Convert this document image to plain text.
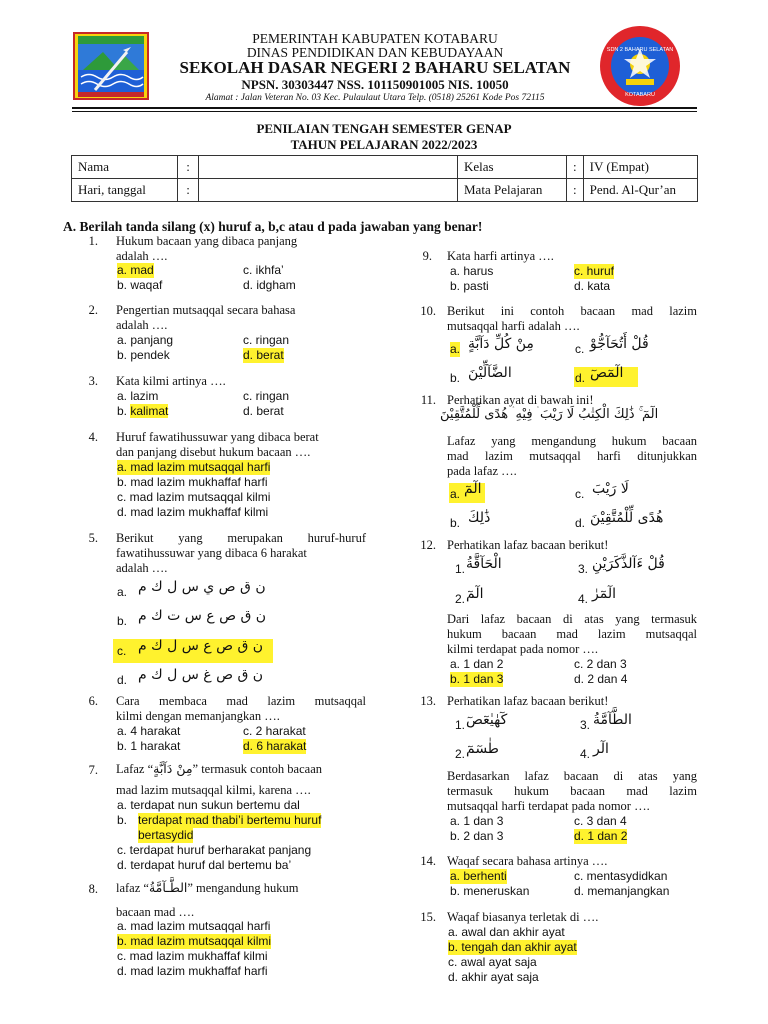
PEMERINTAH KABUPATEN KOTABARU
DINAS PENDIDIKAN DAN KEBUDAYAAN
SEKOLAH DASAR NEGERI 2 BAHARU SELATAN
NPSN. 30303447 NSS. 101150901005 NIS. 10050
Alamat : Jalan Veteran No. 03 Kec. Pulaulaut Utara Telp. (0518) 25261 Kode Pos 72115
SDN 2 BAHARU SELATAN
KOTABARU
PENILAIAN TENGAH SEMESTER GENAP
TAHUN PELAJARAN 2022/2023
Nama	:		Kelas	:	IV (Empat)
Hari, tanggal	:		Mata Pelajaran	:	Pend. Al-Qur’an
A. Berilah tanda silang (x) huruf a, b,c atau d pada jawaban yang benar!
1. Hukum bacaan yang dibaca panjang
adalah ….
a. mad
b. waqaf
c. ikhfa’
d. idgham
2. Pengertian mutsaqqal secara bahasa
adalah ….
a. panjang
b. pendek
c. ringan
d. berat
3. Kata kilmi artinya ….
a. lazim
b. kalimat
c. ringan
d. berat
4. Huruf fawatihussuwar yang dibaca berat
dan panjang disebut hukum bacaan ….
a. mad lazim mutsaqqal harfi
b. mad lazim mukhaffaf harfi
c. mad lazim mutsaqqal kilmi
d. mad lazim mukhaffaf kilmi
5. Berikut yang merupakan huruf-huruf
fawatihussuwar yang dibaca 6 harakat
adalah ….
a. ن ق ص ي س ل ك م
b. ن ق ص ع س ت ك م
c. ن ق ص ع س ل ك م
d. ن ق ص غ س ل ك م
6. Cara membaca mad lazim mutsaqqal
kilmi dengan memanjangkan ….
a. 4 harakat
b. 1 harakat
c. 2 harakat
d. 6 harakat
7. Lafaz “مِنْ دَآبَّةٍ” termasuk contoh bacaan
mad lazim mutsaqqal kilmi, karena ….
a. terdapat nun sukun bertemu dal
b. terdapat mad thabi’i bertemu huruf
bertasydid
c. terdapat huruf berharakat panjang
d. terdapat huruf dal bertemu ba’
8. lafaz “الطَّـآمَّةُ” mengandung hukum
bacaan mad ….
a. mad lazim mutsaqqal harfi
b. mad lazim mutsaqqal kilmi
c. mad lazim mukhaffaf kilmi
d. mad lazim mukhaffaf harfi
9. Kata harfi artinya ….
a. harus
b. pasti
c. huruf
d. kata
10. Berikut ini contoh bacaan mad lazim
mutsaqqal harfi adalah ….
a. مِنْ كُلِّ دَآبَّةٍ	c. قُلْ أَتُحَآجُّوْ
b. الضَّآلِّيْنَ	d. الٓمٓصٓ
11. Perhatikan ayat di bawah ini!
الٓمٓ ۚ ذَٰلِكَ الْكِتٰبُ لَا رَيْبَ ۛ فِيْهِ ۛ هُدًى لِّلْمُتَّقِيْنَ
Lafaz yang mengandung hukum bacaan
mad lazim mutsaqqal harfi ditunjukkan
pada lafaz ….
a. الٓمٓ	c. لَا رَيْبَ
b. ذَٰلِكَ	d. هُدًى لِّلْمُتَّقِيْنَ
12. Perhatikan lafaz bacaan berikut!
1. الْحَآقَّةُ	3. قُلْ ءَآلذَّكَرَيْنِ
2. الٓمٓ	4. الٓمٓرٰ
Dari lafaz bacaan di atas yang termasuk
hukum bacaan mad lazim mutsaqqal
kilmi terdapat pada nomor ….
a. 1 dan 2
b. 1 dan 3
c. 2 dan 3
d. 2 dan 4
13. Perhatikan lafaz bacaan berikut!
1. كٓهٰيٰعٓصٓ	3. الطَّآمَّةُ
2. طٰسٓمٓ	4. الٓر
Berdasarkan lafaz bacaan di atas yang
termasuk hukum bacaan mad lazim
mutsaqqal harfi terdapat pada nomor ….
a. 1 dan 3
b. 2 dan 3
c. 3 dan 4
d. 1 dan 2
14. Waqaf secara bahasa artinya ….
a. berhenti
b. meneruskan
c. mentasydidkan
d. memanjangkan
15. Waqaf biasanya terletak di ….
a. awal dan akhir ayat
b. tengah dan akhir ayat
c. awal ayat saja
d. akhir ayat saja
